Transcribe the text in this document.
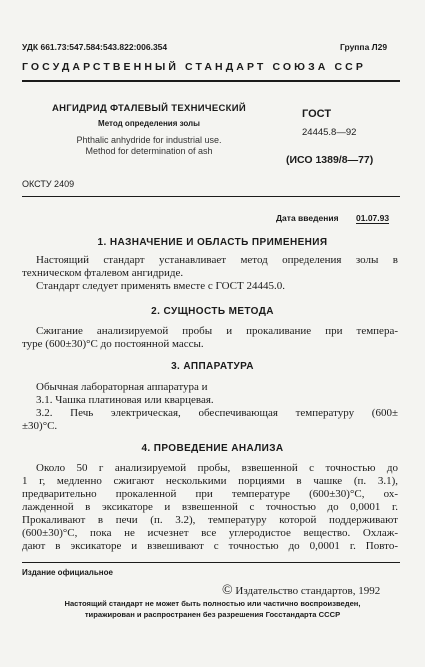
УДК 661.73:547.584:543.822:006.354	Группа Л29
ГОСУДАРСТВЕННЫЙ СТАНДАРТ СОЮЗА ССР
АНГИДРИД ФТАЛЕВЫЙ ТЕХНИЧЕСКИЙ
Метод определения золы
Phthalic anhydride for industrial use.
Method for determination of ash
ГОСТ
24445.8—92
(ИСО 1389/8—77)
ОКСТУ 2409
Дата введения 01.07.93
1. НАЗНАЧЕНИЕ И ОБЛАСТЬ ПРИМЕНЕНИЯ
Настоящий стандарт устанавливает метод определения золы в
техническом фталевом ангидриде.
Стандарт следует применять вместе с ГОСТ 24445.0.
2. СУЩНОСТЬ МЕТОДА
Сжигание анализируемой пробы и прокаливание при темпера-
туре (600±30)°С до постоянной массы.
3. АППАРАТУРА
Обычная лабораторная аппаратура и
3.1. Чашка платиновая или кварцевая.
3.2. Печь электрическая, обеспечивающая температуру (600±
±30)°С.
4. ПРОВЕДЕНИЕ АНАЛИЗА
Около 50 г анализируемой пробы, взвешенной с точностью до
1 г, медленно сжигают несколькими порциями в чашке (п. 3.1),
предварительно прокаленной при температуре (600±30)°С, ох-
лажденной в эксикаторе и взвешенной с точностью до 0,0001 г.
Прокаливают в печи (п. 3.2), температуру которой поддерживают
(600±30)°С, пока не исчезнет все углеродистое вещество. Охлаж-
дают в эксикаторе и взвешивают с точностью до 0,0001 г. Повто-
Издание официальное
© Издательство стандартов, 1992
Настоящий стандарт не может быть полностью или частично воспроизведен,
тиражирован и распространен без разрешения Госстандарта СССР
